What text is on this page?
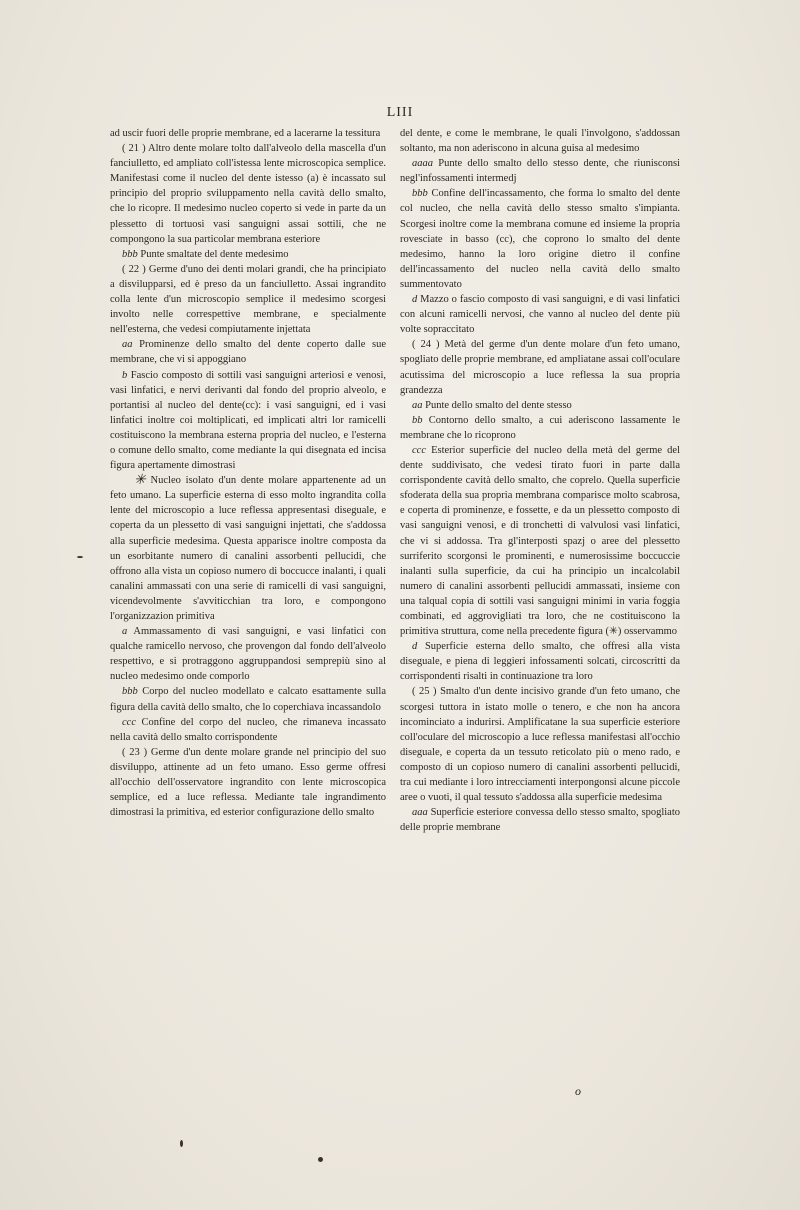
LIII

ad uscir fuori delle proprie membrane, ed a lacerarne la tessitura

( 21 ) Altro dente molare tolto dall'alveolo della mascella d'un fanciulletto, ed ampliato coll'istessa lente microscopica semplice. Manifestasi come il nucleo del dente istesso (a) è incassato sul principio del proprio sviluppamento nella cavità dello smalto, che lo ricopre. Il medesimo nucleo coperto si vede in parte da un plessetto di tortuosi vasi sanguigni assai sottili, che ne compongono la sua particolar membrana esteriore

bbb Punte smaltate del dente medesimo

( 22 ) Germe d'uno dei denti molari grandi, che ha principiato a disvilupparsi, ed è preso da un fanciulletto. Assai ingrandito colla lente d'un microscopio semplice il medesimo scorgesi involto nelle correspettive membrane, e specialmente nell'esterna, che vedesi compiutamente injettata

aa Prominenze dello smalto del dente coperto dalle sue membrane, che vi si appoggiano

b Fascio composto di sottili vasi sanguigni arteriosi e venosi, vasi linfatici, e nervi derivanti dal fondo del proprio alveolo, e portantisi al nucleo del dente(cc): i vasi sanguigni, ed i vasi linfatici inoltre coi moltiplicati, ed implicati altri lor ramicelli costituiscono la membrana esterna propria del nucleo, e l'esterna o comune dello smalto, come mediante la qui disegnata ed incisa figura apertamente dimostrasi

✳ Nucleo isolato d'un dente molare appartenente ad un feto umano. La superficie esterna di esso molto ingrandita colla lente del microscopio a luce reflessa appresentasi diseguale, e coperta da un plessetto di vasi sanguigni injettati, che s'addossa alla superficie medesima. Questa apparisce inoltre composta da un esorbitante numero di canalini assorbenti pellucidi, che offrono alla vista un copioso numero di boccucce inalanti, i quali canalini ammassati con una serie di ramicelli di vasi sanguigni, vicendevolmente s'avviticchian tra loro, e compongono l'organizzazion primitiva

a Ammassamento di vasi sanguigni, e vasi linfatici con qualche ramicello nervoso, che provengon dal fondo dell'alveolo respettivo, e si protraggono aggruppandosi semprepiù sino al nucleo medesimo onde comporlo

bbb Corpo del nucleo modellato e calcato esattamente sulla figura della cavità dello smalto, che lo coperchiava incassandolo

ccc Confine del corpo del nucleo, che rimaneva incassato nella cavità dello smalto corrispondente

( 23 ) Germe d'un dente molare grande nel principio del suo disviluppo, attinente ad un feto umano. Esso germe offresi all'occhio dell'osservatore ingrandito con lente microscopica semplice, ed a luce reflessa. Mediante tale ingrandimento dimostrasi la primitiva, ed esterior configurazione dello smalto

del dente, e come le membrane, le quali l'involgono, s'addossan soltanto, ma non aderiscono in alcuna guisa al medesimo

aaaa Punte dello smalto dello stesso dente, che riunisconsi negl'infossamenti intermedj

bbb Confine dell'incassamento, che forma lo smalto del dente col nucleo, che nella cavità dello stesso smalto s'impianta. Scorgesi inoltre come la membrana comune ed insieme la propria rovesciate in basso (cc), che coprono lo smalto del dente medesimo, hanno la loro origine dietro il confine dell'incassamento del nucleo nella cavità dello smalto summentovato

d Mazzo o fascio composto di vasi sanguigni, e di vasi linfatici con alcuni ramicelli nervosi, che vanno al nucleo del dente più volte sopraccitato

( 24 ) Metà del germe d'un dente molare d'un feto umano, spogliato delle proprie membrane, ed ampliatane assai coll'oculare acutissima del microscopio a luce reflessa la sua propria grandezza

aa Punte dello smalto del dente stesso

bb Contorno dello smalto, a cui aderiscono lassamente le membrane che lo ricoprono

ccc Esterior superficie del nucleo della metà del germe del dente suddivisato, che vedesi tirato fuori in parte dalla corrispondente cavità dello smalto, che coprelo. Quella superficie sfoderata della sua propria membrana comparisce molto scabrosa, e coperta di prominenze, e fossette, e da un plessetto composto di vasi sanguigni venosi, e di tronchetti di valvulosi vasi linfatici, che vi si addossa. Tra gl'interposti spazj o aree del plessetto surriferito scorgonsi le prominenti, e numerosissime boccuccie inalanti sulla superficie, da cui ha principio un incalcolabil numero di canalini assorbenti pellucidi ammassati, insieme con una talqual copia di sottili vasi sanguigni minimi in varia foggia combinati, ed aggrovigliati tra loro, che ne costituiscono la primitiva struttura, come nella precedente figura (✳) osservammo

d Superficie esterna dello smalto, che offresi alla vista diseguale, e piena di leggieri infossamenti solcati, circoscritti da corrispondenti risalti in continuazione tra loro

( 25 ) Smalto d'un dente incisivo grande d'un feto umano, che scorgesi tuttora in istato molle o tenero, e che non ha ancora incominciato a indurirsi. Amplificatane la sua superficie esteriore coll'oculare del microscopio a luce reflessa manifestasi all'occhio diseguale, e coperta da un tessuto reticolato più o meno rado, e composto di un copioso numero di canalini assorbenti pellucidi, tra cui mediante i loro intrecciamenti interpongonsi alcune piccole aree o vuoti, il qual tessuto s'addossa alla superficie medesima

aaa Superficie esteriore convessa dello stesso smalto, spogliato delle proprie membrane

o
